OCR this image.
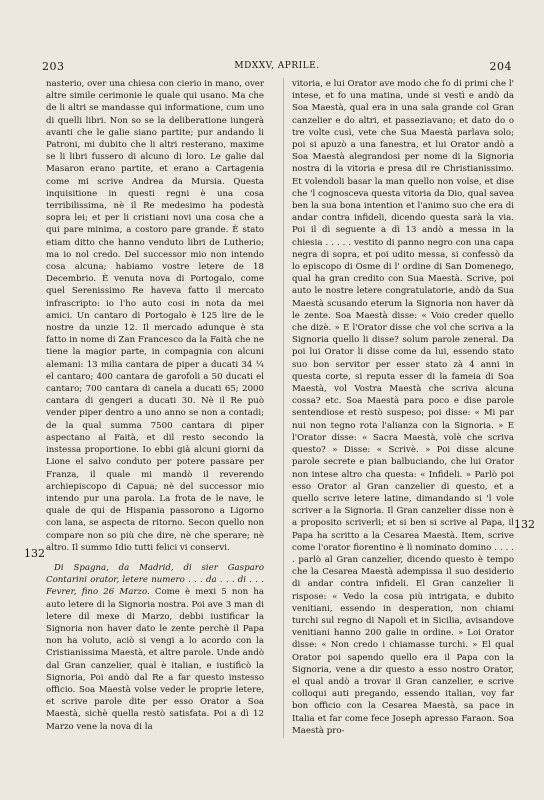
203	MDXXV, APRILE.	204

nasterio, over una chiesa con cierio in mano, over altre simile cerimonie le quale qui usano. Ma che de li altri se mandasse qui informatione, cum uno di quelli libri. Non so se la deliberatione iungerà avanti che le galie siano partite; pur andando li Patroni, mi dubito che li altri resterano, maxime se li libri fussero di alcuno di loro. Le galie dal Masaron erano partite, et erano a Cartagenia come mi scrive Andrea da Mursia. Questa inquisitione in questi regni è una cosa terribilissima, nè il Re medesimo ha podestà sopra lei; et per li cristiani novi una cosa che a qui pare minima, a costoro pare grande. È stato etiam ditto che hanno venduto libri de Lutherio; ma io nol credo. Del successor mio non intendo cosa alcuna; habiamo vostre letere de 18 Decembrio. È venuta nova di Portogalo, come quel Serenissimo Re haveva fatto il mercato infrascripto: io l'ho auto cosi in nota da mei amici. Un cantaro di Portogalo è 125 lire de le nostre da unzie 12. Il mercado adunque è sta fatto in nome di Zan Francesco da la Faità che ne tiene la magior parte, in compagnia con alcuni alemani: 13 milia cantara de piper a ducati 34 ¼ el cantaro; 400 cantara de garofoli a 50 ducati el cantaro; 700 cantara di canela a ducati 65; 2000 cantara di gengeri a ducati 30. Nè il Re può vender piper dentro a uno anno se non a contadi; de la qual summa 7500 cantara di piper aspectano al Faità, et dil resto secondo la instessa proportione. Io ebbi già alcuni giorni da Lione el salvo conduto per potere passare per Franza, il quale mi mandò il reverendo archiepiscopo di Capua; nè del successor mio intendo pur una parola. La frota de le nave, le quale de qui de Hispania passorono a Ligorno con lana, se aspecta de ritorno. Secon quello non compare non so più che dire, nè che sperare; nè altro. Il summo Idio tutti felici vi conservi.

Di Spagna, da Madrid, di sier Gasparo Contarini orator, letere numero . . . da . . . di . . . Fevrer, fino 26 Marzo. Come è mexi 5 non ha auto letere di la Signoria nostra. Poi ave 3 man di letere dil mexe di Marzo, debbi iustificar la Signoria non haver dato le zente perchè il Papa non ha voluto, aciò si vengi a lo acordo con la Cristianissima Maestà, et altre parole. Unde andò dal Gran canzelier, qual è italian, e iustificò la Signoria, Poi andò dal Re a far questo instesso officio. Soa Maestà volse veder le proprie letere, et scrive parole dite per esso Orator a Soa Maestà, sichè quella restò satisfata. Poi a dì 12 Marzo vene la nova di la

vitoria, e lui Orator ave modo che fo di primi che l' intese, et fo una matina, unde si vestì e andò da Soa Maestà, qual era in una sala grande col Gran canzelier e do altri, et passeziavano; et dato do o tre volte cusì, vete che Sua Maestà parlava solo; poi si apuzò a una fanestra, et lui Orator andò a Soa Maestà alegrandosi per nome di la Signoria nostra di la vitoria e presa dil re Christianissimo. Et volendoli basar la man quello non volse, et dise che 'l cognosceva questa vitoria da Dio, qual savea ben la sua bona intention et l'animo suo che era di andar contra infideli, dicendo questa sarà la via. Poi il dì seguente a dì 13 andò a messa in la chiesia . . . . . vestito di panno negro con una capa negra di sopra, et poi udito messa, si confessò da lo episcopo di Osme di l' ordine di San Domenego, qual ha gran credito con Sua Maestà. Scrive, poi auto le nostre letere congratulatorie, andò da Sua Maestà scusando eterum la Signoria non haver dà le zente. Soa Maestà disse: « Voio creder quello che dizè. » E l'Orator disse che vol che scriva a la Signoria quello li disse? solum parole zeneral. Da poi lui Orator li disse come da lui, essendo stato suo bon servitor per esser stato zà 4 anni in questa corte, si reputa esser di la fameia di Soa Maestà, vol Vostra Maestà che scriva alcuna cossa? etc. Soa Maestà para poco e dise parole sentendiose et restò suspeso; poi disse: « Mi par nui non tegno rota l'alianza con la Signoria. » E l'Orator disse: « Sacra Maestà, volè che scriva questo? » Disse: « Scrivè. » Poi disse alcune parole secrete e pian balbuciando, che lui Orator non intese altro cha questa: « Infideli. » Parlò poi esso Orator al Gran canzelier di questo, et a quello scrive letere latine, dimandando si 'l vole scriver a la Signoria. Il Gran canzelier disse non è a proposito scriverli; et si ben si scrive al Papa, il Papa ha scritto a la Cesarea Maestà. Item, scrive come l'orator fiorentino è lì nominato domino . . . . . parlò al Gran canzelier, dicendo questo è tempo che la Cesarea Maestà adempissa il suo desiderio di andar contra infideli. El Gran canzelier li rispose: « Vedo la cosa più intrigata, e dubito venitiani, essendo in desperation, non chiami turchi sul regno di Napoli et in Sicilia, avisandove venitiani hanno 200 galie in ordine. » Loi Orator disse: « Non credo i chiamasse turchi. » El qual Orator poi sapendo quello era il Papa con la Signoria, vene a dir questo a esso nostro Orator, el qual andò a trovar il Gran canzelier, e scrive colloqui auti pregando, essendo italian, voy far bon officio con la Cesarea Maestà, sa pace in Italia et far come fece Joseph apresso Faraon. Soa Maestà pro-

132
132
